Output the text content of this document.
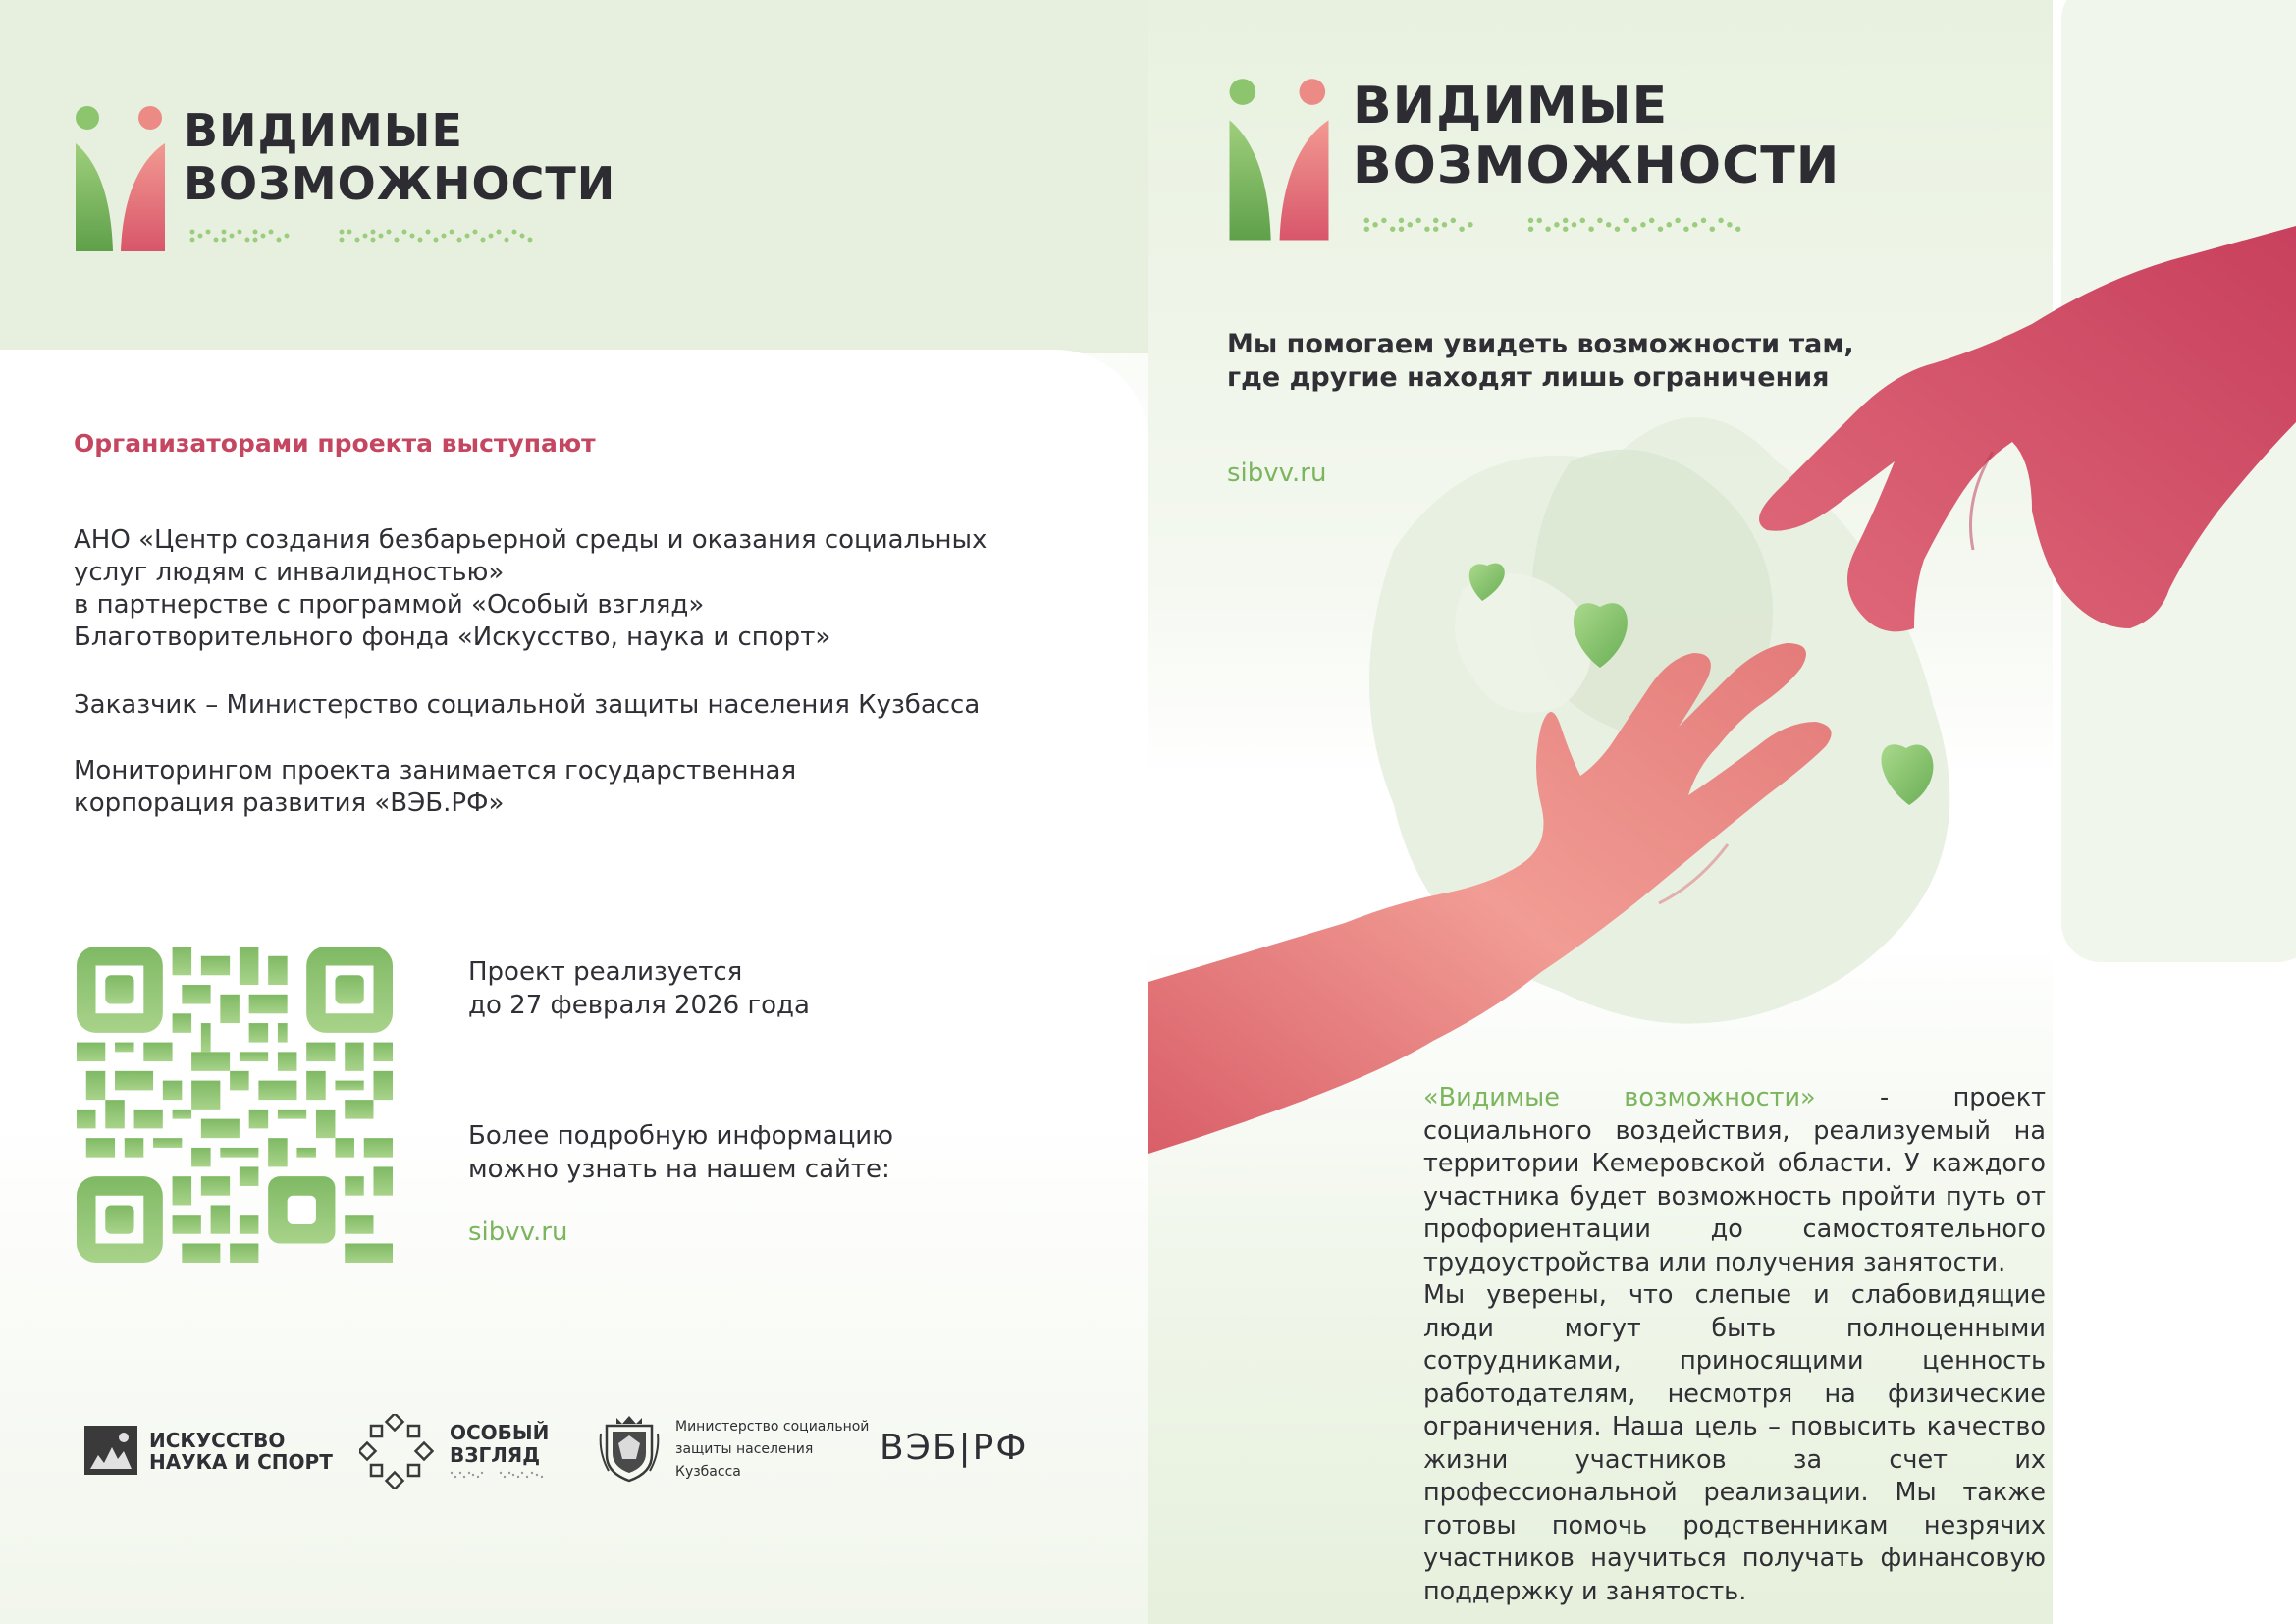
ВИДИМЫЕ
ВОЗМОЖНОСТИ
Организаторами проекта выступают
АНО «Центр создания безбарьерной среды и оказания социальных
услуг людям с инвалидностью»
в партнерстве с программой «Особый взгляд»
Благотворительного фонда «Искусство, наука и спорт»
Заказчик – Министерство социальной защиты населения Кузбасса
Мониторингом проекта занимается государственная
корпорация развития «ВЭБ.РФ»
Проект реализуется
до 27 февраля 2026 года
Более подробную информацию
можно узнать на нашем сайте:
sibvv.ru
ИСКУССТВО
НАУКА И СПОРТ
ОСОБЫЙ
ВЗГЛЯД
Министерство социальной
защиты населения
Кузбасса
ВЭБ|РФ
ВИДИМЫЕ
ВОЗМОЖНОСТИ
Мы помогаем увидеть возможности там,
где другие находят лишь ограничения
sibvv.ru
«Видимые возможности» - проект социального воздействия, реализуемый на территории Кемеровской области. У каждого участника будет возможность пройти путь от профориентации до самостоятельного трудоустройства или получения занятости.
Мы уверены, что слепые и слабовидящие люди могут быть полноценными сотрудниками, приносящими ценность работодателям, несмотря на физические ограничения. Наша цель – повысить качество жизни участников за счет их профессиональной реализации. Мы также готовы помочь родственникам незрячих участников научиться получать финансовую поддержку и занятость.
